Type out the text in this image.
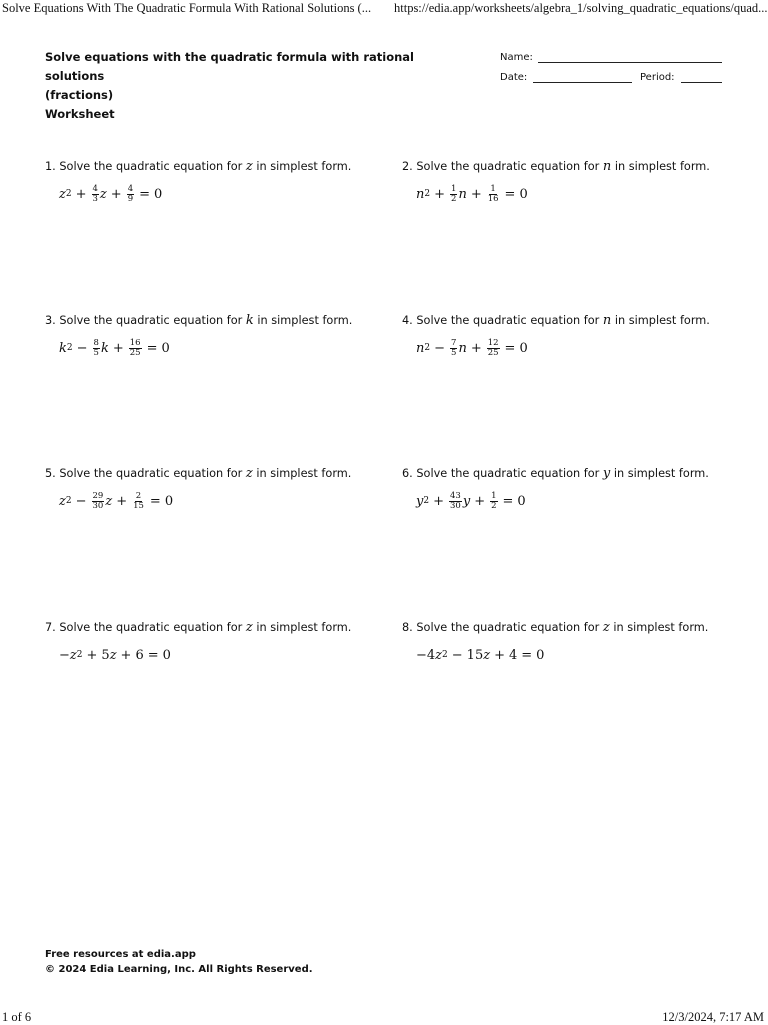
Solve Equations With The Quadratic Formula With Rational Solutions (... https://edia.app/worksheets/algebra_1/solving_quadratic_equations/quad...
Solve equations with the quadratic formula with rational solutions
(fractions)
Worksheet
Name:
Date:	Period:
1. Solve the quadratic equation for z in simplest form.
z $2 + \frac{4}{3}$ $z + \frac{4}{9} = 0$
2. Solve the quadratic equation for n in simplest form.
n $2 + \frac{1}{2}$ $n + \frac{1}{16} = 0$
3. Solve the quadratic equation for k in simplest form.
k $2 - \frac{8}{5}$ $k + \frac{16}{25} = 0$
4. Solve the quadratic equation for n in simplest form.
n $2 - \frac{7}{5}$ $n + \frac{12}{25} = 0$
5. Solve the quadratic equation for z in simplest form.
z $2 - \frac{29}{30}$ $z + \frac{2}{15} = 0$
6. Solve the quadratic equation for y in simplest form.
y $2 + \frac{43}{30}$ $y + \frac{1}{2} = 0$
7. Solve the quadratic equation for z in simplest form.
− z 2 + 5 z + 6 = 0
8. Solve the quadratic equation for z in simplest form.
−4 z 2 − 15 z + 4 = 0
Free resources at edia.app
© 2024 Edia Learning, Inc. All Rights Reserved.
1 of 6	12/3/2024, 7:17 AM
